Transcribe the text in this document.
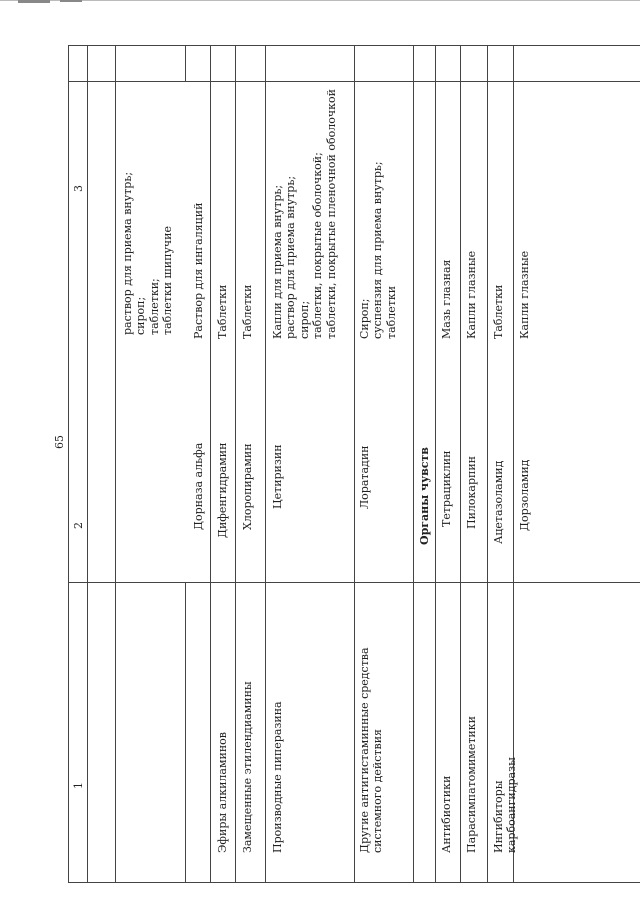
65
1
2
3
раствор для приема внутрь;
сироп;
таблетки;
таблетки шипучие
Дорназа альфа
Раствор для ингаляций
Эфиры алкиламинов
Дифенгидрамин
Таблетки
Замещенные этилендиамины
Хлоропирамин
Таблетки
Производные пиперазина
Цетиризин
Капли для приема внутрь;
раствор для приема внутрь;
сироп;
таблетки, покрытые оболочкой;
таблетки, покрытые пленочной оболочкой
Другие антигистаминные средства
системного действия
Лоратадин
Сироп;
суспензия для приема внутрь;
таблетки
Органы чувств
Антибиотики
Тетрациклин
Мазь глазная
Парасимпатомиметики
Пилокарпин
Капли глазные
Ингибиторы карбоангидразы
Ацетазоламид
Таблетки
Дорзоламид
Капли глазные
